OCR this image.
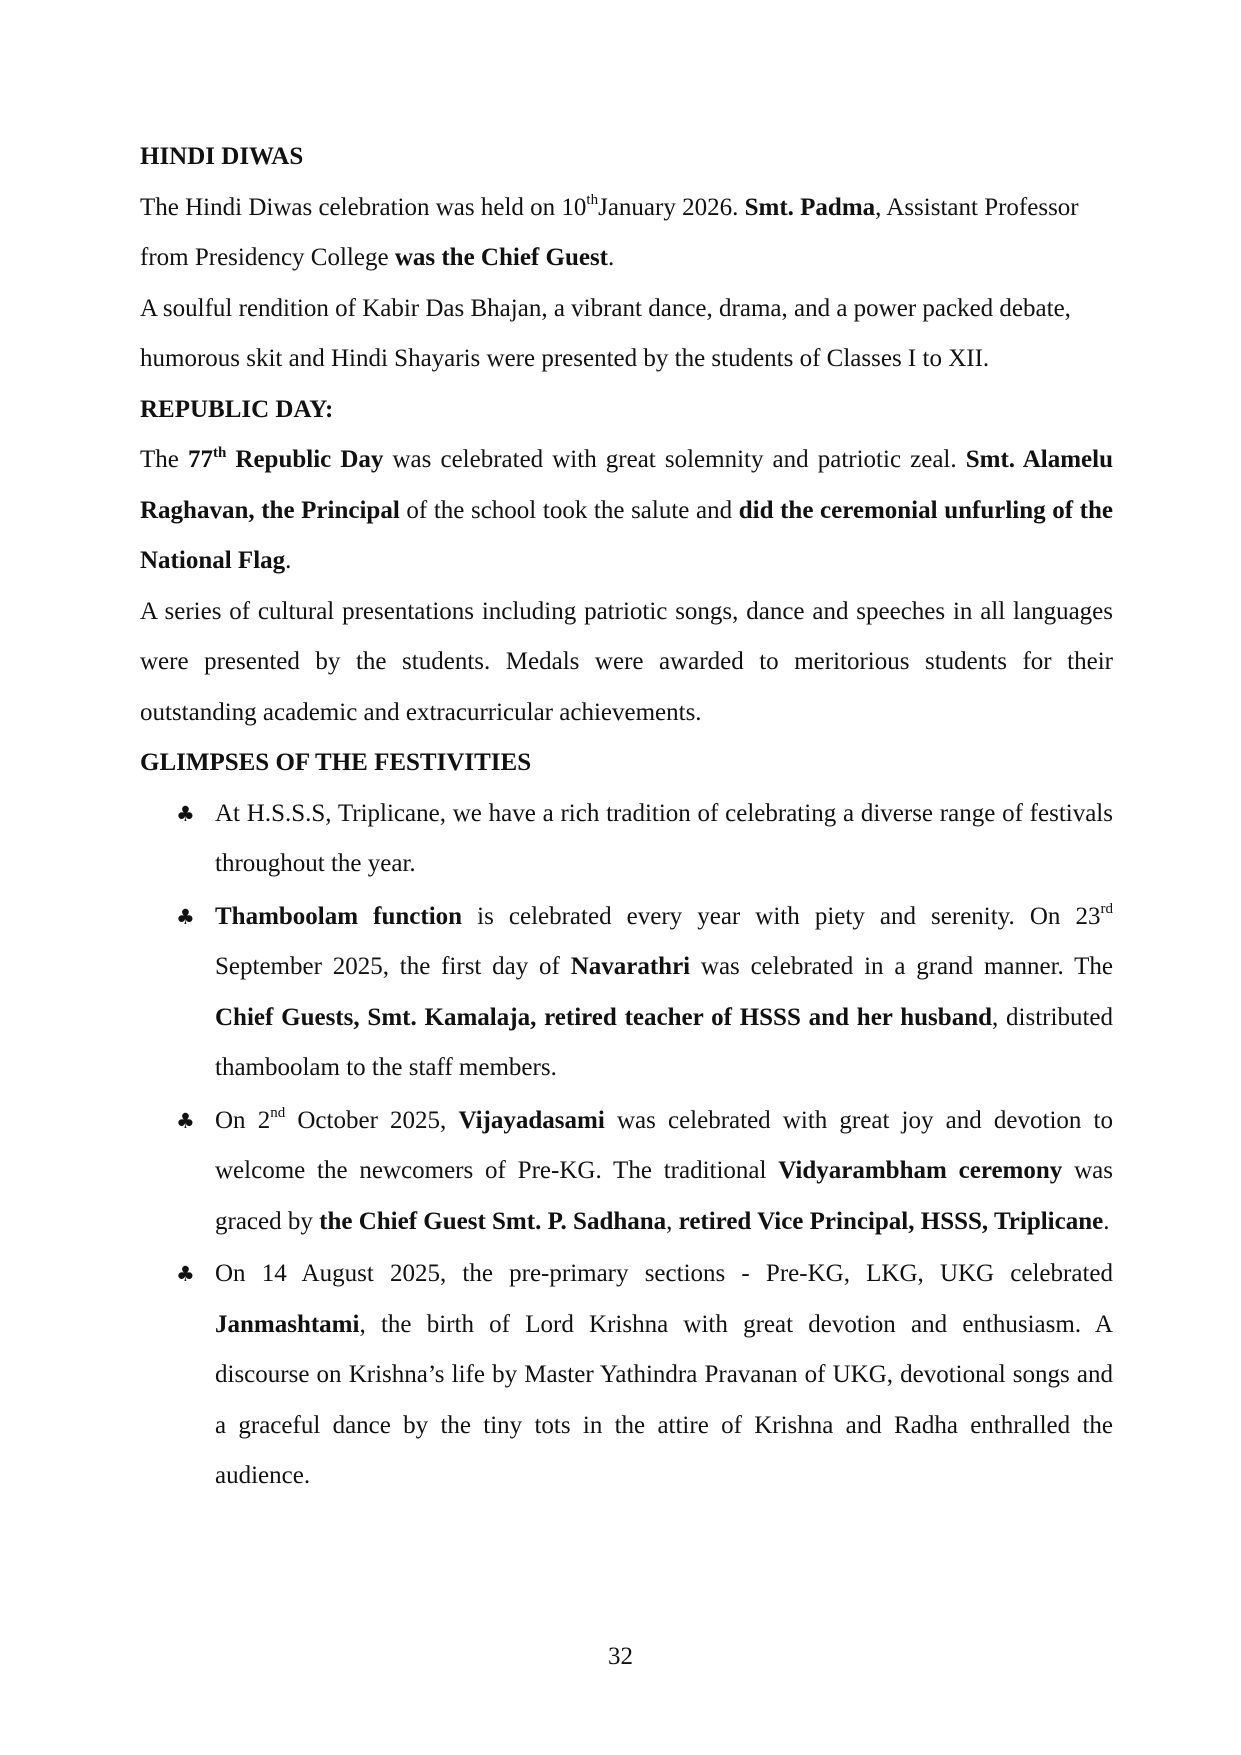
HINDI DIWAS

The Hindi Diwas celebration was held on 10thJanuary 2026. Smt. Padma, Assistant Professor from Presidency College was the Chief Guest.

A soulful rendition of Kabir Das Bhajan, a vibrant dance, drama, and a power packed debate, humorous skit and Hindi Shayaris were presented by the students of Classes I to XII.

REPUBLIC DAY:

The 77th Republic Day was celebrated with great solemnity and patriotic zeal. Smt. Alamelu Raghavan, the Principal of the school took the salute and did the ceremonial unfurling of the National Flag.

A series of cultural presentations including patriotic songs, dance and speeches in all languages were presented by the students. Medals were awarded to meritorious students for their outstanding academic and extracurricular achievements.

GLIMPSES OF THE FESTIVITIES
♣ At H.S.S.S, Triplicane, we have a rich tradition of celebrating a diverse range of festivals throughout the year.
♣ Thamboolam function is celebrated every year with piety and serenity. On 23rd September 2025, the first day of Navarathri was celebrated in a grand manner. The Chief Guests, Smt. Kamalaja, retired teacher of HSSS and her husband, distributed thamboolam to the staff members.
♣ On 2nd October 2025, Vijayadasami was celebrated with great joy and devotion to welcome the newcomers of Pre-KG. The traditional Vidyarambham ceremony was graced by the Chief Guest Smt. P. Sadhana, retired Vice Principal, HSSS, Triplicane.
♣ On 14 August 2025, the pre-primary sections - Pre-KG, LKG, UKG celebrated Janmashtami, the birth of Lord Krishna with great devotion and enthusiasm. A discourse on Krishna’s life by Master Yathindra Pravanan of UKG, devotional songs and a graceful dance by the tiny tots in the attire of Krishna and Radha enthralled the audience.
32
